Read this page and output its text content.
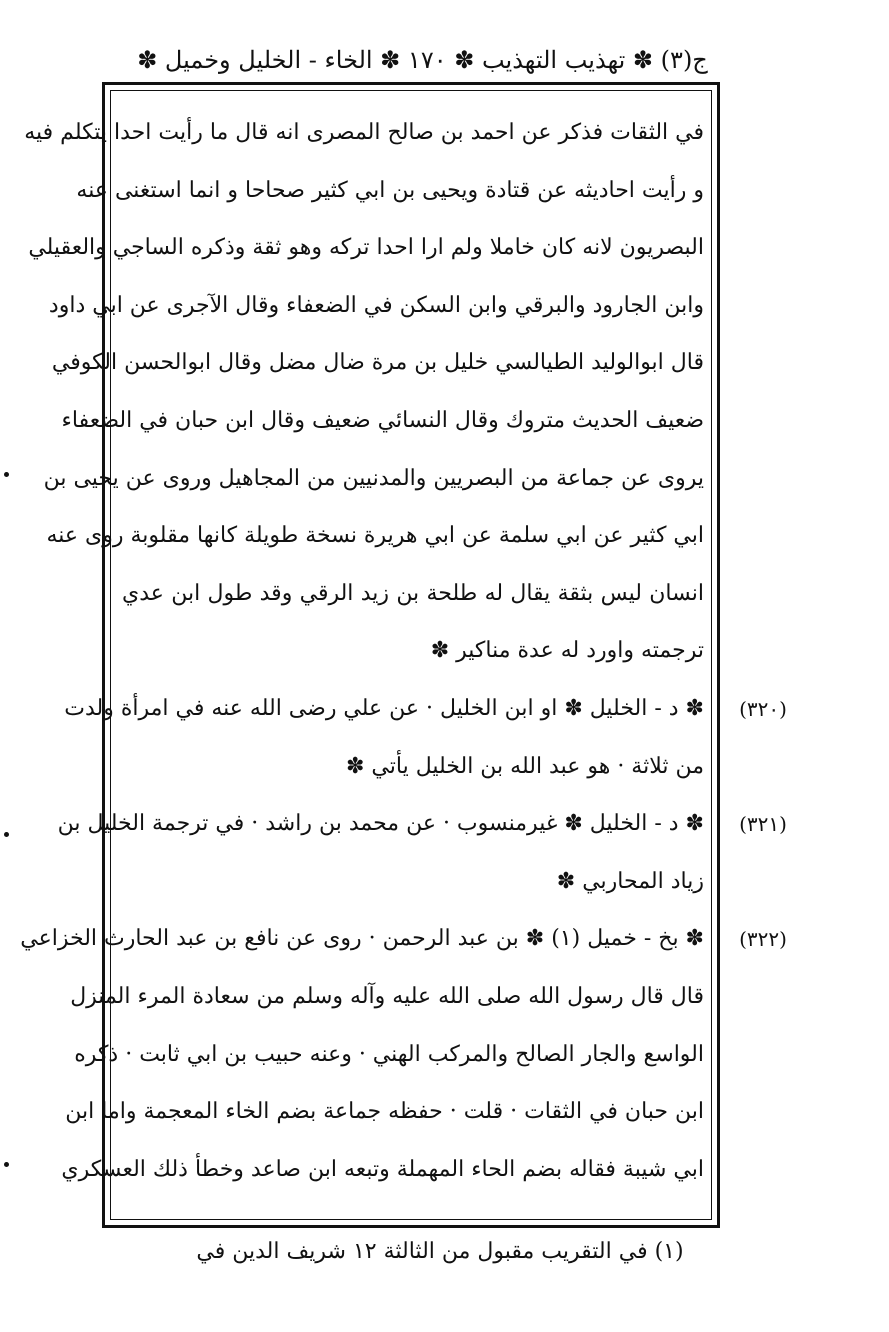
ج(٣) ✽ تهذيب التهذيب ✽ ١٧٠ ✽ الخاء - الخليل وخميل ✽
في الثقات فذكر عن احمد بن صالح المصرى انه قال ما رأيت احدا يتكلم فيه
و رأيت احاديثه عن قتادة ويحيى بن ابي كثير صحاحا و انما استغنى عنه
البصريون لانه كان خاملا ولم ارا احدا تركه وهو ثقة وذكره الساجي والعقيلي
وابن الجارود والبرقي وابن السكن في الضعفاء وقال الآجرى عن ابي داود
قال ابوالوليد الطيالسي خليل بن مرة ضال مضل وقال ابوالحسن الكوفي
ضعيف الحديث متروك وقال النسائي ضعيف وقال ابن حبان في الضعفاء
يروى عن جماعة من البصريين والمدنيين من المجاهيل وروى عن يحيى بن
ابي كثير عن ابي سلمة عن ابي هريرة نسخة طويلة كانها مقلوبة روى عنه
انسان ليس بثقة يقال له طلحة بن زيد الرقي وقد طول ابن عدي
ترجمته واورد له عدة مناكير ✽
✽ د - الخليل ✽ او ابن الخليل · عن علي رضى الله عنه في امرأة ولدت
من ثلاثة · هو عبد الله بن الخليل يأتي ✽
✽ د - الخليل ✽ غيرمنسوب · عن محمد بن راشد · في ترجمة الخليل بن
زياد المحاربي ✽
✽ بخ - خميل (١) ✽ بن عبد الرحمن · روى عن نافع بن عبد الحارث الخزاعي
قال قال رسول الله صلى الله عليه وآله وسلم من سعادة المرء المنزل
الواسع والجار الصالح والمركب الهني · وعنه حبيب بن ابي ثابت · ذكره
ابن حبان في الثقات · قلت · حفظه جماعة بضم الخاء المعجمة واما ابن
ابي شيبة فقاله بضم الحاء المهملة وتبعه ابن صاعد وخطأ ذلك العسكري
(٣٢٠)
(٣٢١)
(٣٢٢)
(١) في التقريب مقبول من الثالثة ١٢ شريف الدين في
